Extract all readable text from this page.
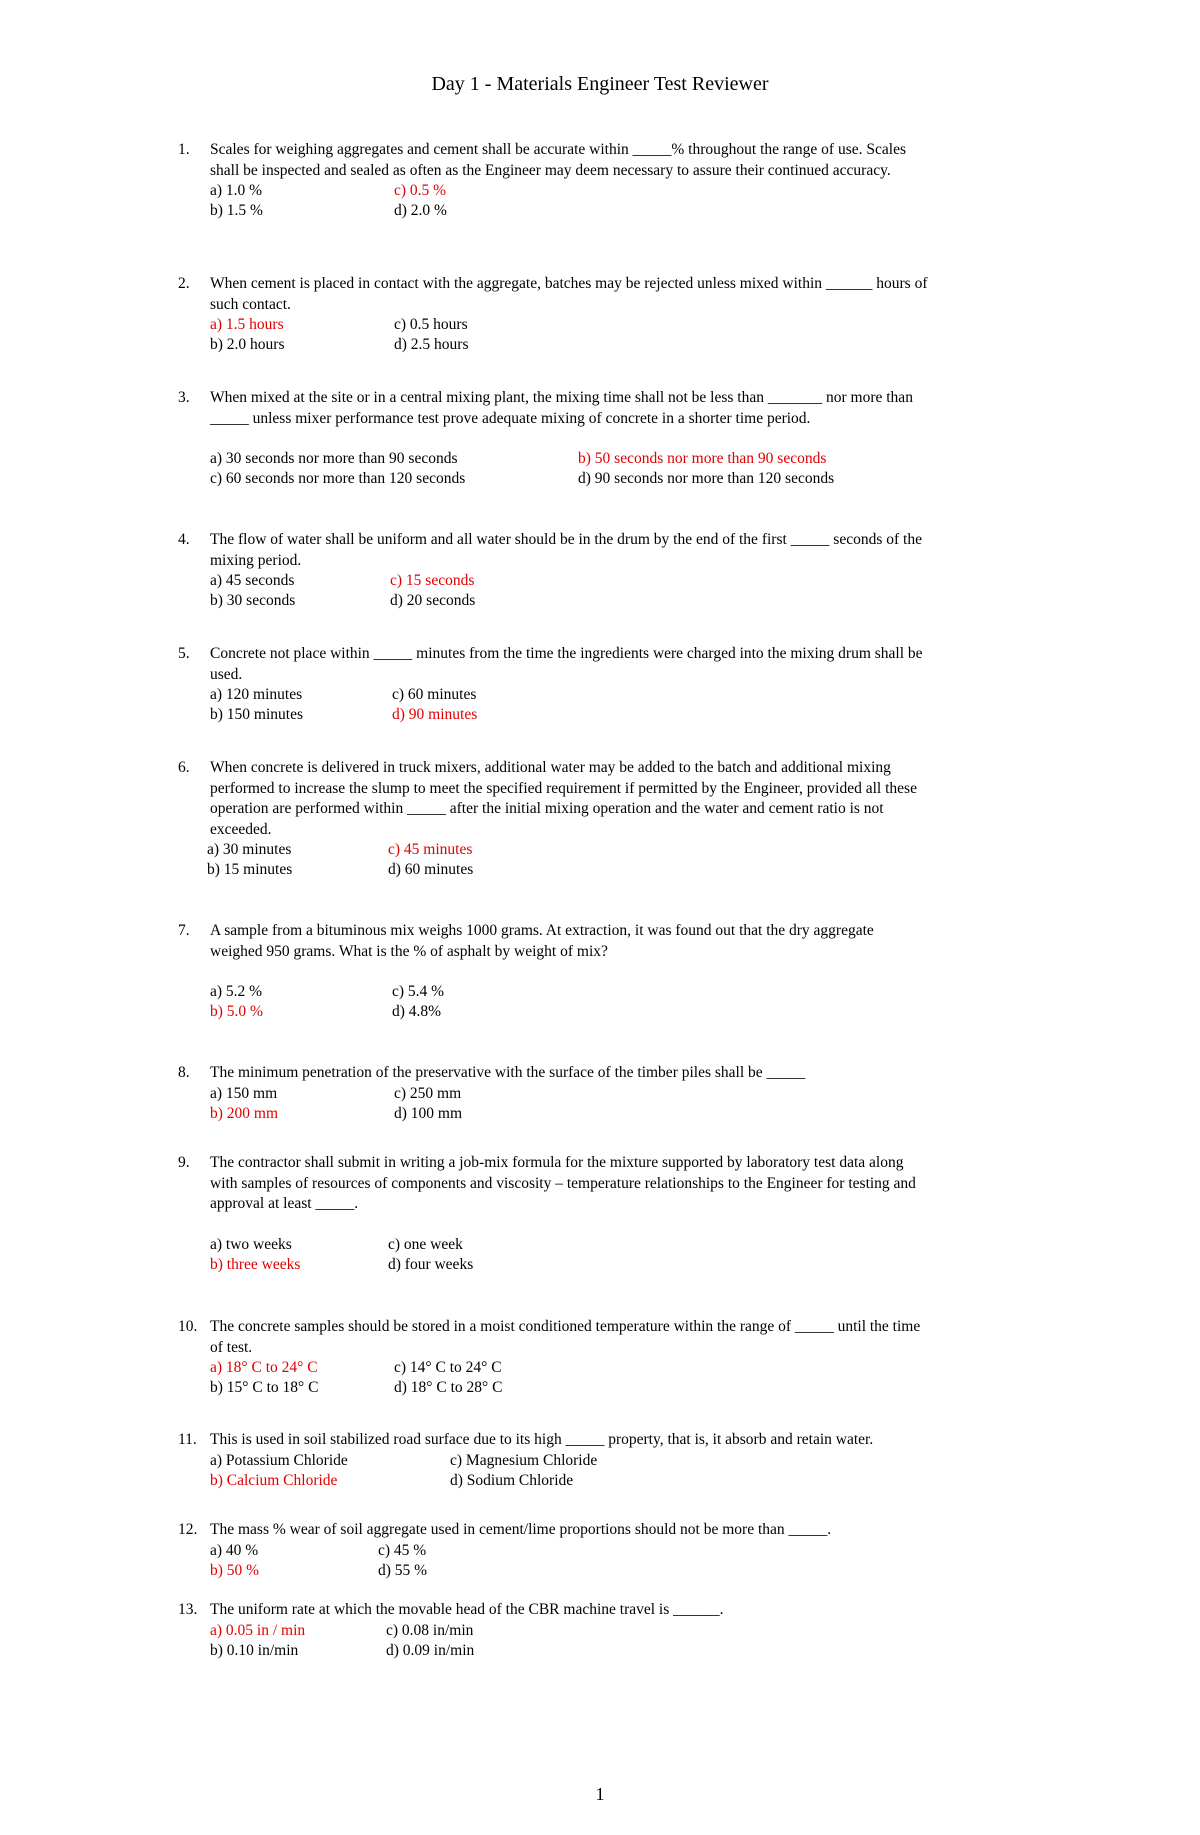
Day 1 - Materials Engineer Test Reviewer
1. Scales for weighing aggregates and cement shall be accurate within _____% throughout the range of use. Scales shall be inspected and sealed as often as the Engineer may deem necessary to assure their continued accuracy.
a) 1.0 %	c) 0.5 %
b) 1.5 %	d) 2.0 %
2. When cement is placed in contact with the aggregate, batches may be rejected unless mixed within ______ hours of such contact.
a) 1.5 hours	c) 0.5 hours
b) 2.0 hours	d) 2.5 hours
3. When mixed at the site or in a central mixing plant, the mixing time shall not be less than _______ nor more than _____ unless mixer performance test prove adequate mixing of concrete in a shorter time period.
a) 30 seconds nor more than 90 seconds	b) 50 seconds nor more than 90 seconds
c) 60 seconds nor more than 120 seconds	d) 90 seconds nor more than 120 seconds
4. The flow of water shall be uniform and all water should be in the drum by the end of the first _____ seconds of the mixing period.
a) 45 seconds	c) 15 seconds
b) 30 seconds	d) 20 seconds
5. Concrete not place within _____ minutes from the time the ingredients were charged into the mixing drum shall be used.
a) 120 minutes	c) 60 minutes
b) 150 minutes	d) 90 minutes
6. When concrete is delivered in truck mixers, additional water may be added to the batch and additional mixing performed to increase the slump to meet the specified requirement if permitted by the Engineer, provided all these operation are performed within _____ after the initial mixing operation and the water and cement ratio is not exceeded.
a) 30 minutes	c) 45 minutes
b) 15 minutes	d) 60 minutes
7. A sample from a bituminous mix weighs 1000 grams. At extraction, it was found out that the dry aggregate weighed 950 grams. What is the % of asphalt by weight of mix?
a) 5.2 %	c) 5.4 %
b) 5.0 %	d) 4.8%
8. The minimum penetration of the preservative with the surface of the timber piles shall be _____
a) 150 mm	c) 250 mm
b) 200 mm	d) 100 mm
9. The contractor shall submit in writing a job-mix formula for the mixture supported by laboratory test data along with samples of resources of components and viscosity – temperature relationships to the Engineer for testing and approval at least _____.
a) two weeks	c) one week
b) three weeks	d) four weeks
10. The concrete samples should be stored in a moist conditioned temperature within the range of _____ until the time of test.
a) 18° C to 24° C	c) 14° C to 24° C
b) 15° C to 18° C	d) 18° C to 28° C
11. This is used in soil stabilized road surface due to its high _____ property, that is, it absorb and retain water.
a) Potassium Chloride	c) Magnesium Chloride
b) Calcium Chloride	d) Sodium Chloride
12. The mass % wear of soil aggregate used in cement/lime proportions should not be more than _____.
a) 40 %	c) 45 %
b) 50 %	d) 55 %
13. The uniform rate at which the movable head of the CBR machine travel is ______.
a) 0.05 in / min	c) 0.08 in/min
b) 0.10 in/min	d) 0.09 in/min
1
